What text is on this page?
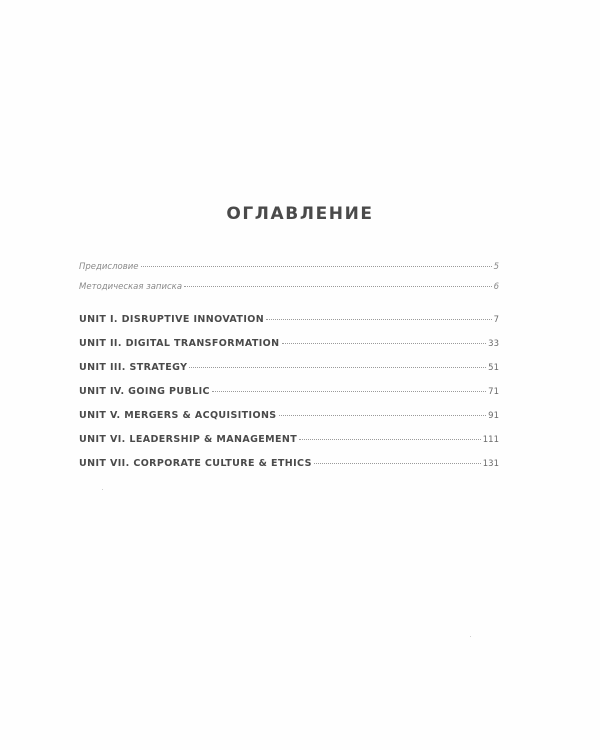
ОГЛАВЛЕНИЕ
Предисловие	5
Методическая записка	6
UNIT I. DISRUPTIVE INNOVATION	7
UNIT II. DIGITAL TRANSFORMATION	33
UNIT III. STRATEGY	51
UNIT IV. GOING PUBLIC	71
UNIT V. MERGERS & ACQUISITIONS	91
UNIT VI. LEADERSHIP & MANAGEMENT	111
UNIT VII. CORPORATE CULTURE & ETHICS	131
